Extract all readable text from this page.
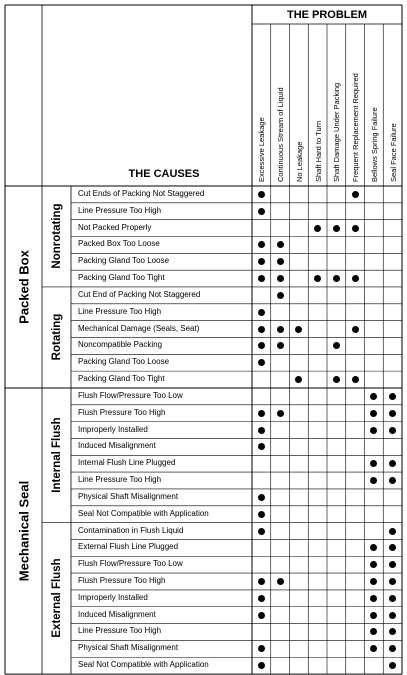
THE PROBLEM
THE CAUSES	Excessive Leakage Continuous Stream of Liquid No Leakage Shaft Hard to Turn Shaft Damage Under Packing Frequent Replacement Required Bellows Spring Failure Seal Face Failure
Cut Ends of Packing Not Staggered
Line Pressure Too High
Not Packed Properly
Packed Box Too Loose
Packing Gland Too Loose
Packing Gland Too Tight
Cut End of Packing Not Staggered
Line Pressure Too High
Mechanical Damage (Seals, Seat)
Noncompatible Packing
Packing Gland Too Loose
Packing Gland Too Tight
Flush Flow/Pressure Too Low
Flush Pressure Too High
Improperly Installed
Induced Misalignment
Internal Flush Line Plugged
Line Pressure Too High
Physical Shaft Misalignment
Seal Not Compatible with Application
Contamination in Flush Liquid
External Flush Line Plugged
Flush Flow/Pressure Too Low
Flush Pressure Too High
Improperly Installed
Induced Misalignment
Line Pressure Too High
Physical Shaft Misalignment
Seal Not Compatible with Application
Packed Box
Nonrotating
Rotating
Mechanical Seal
Internal Flush
External Flush
